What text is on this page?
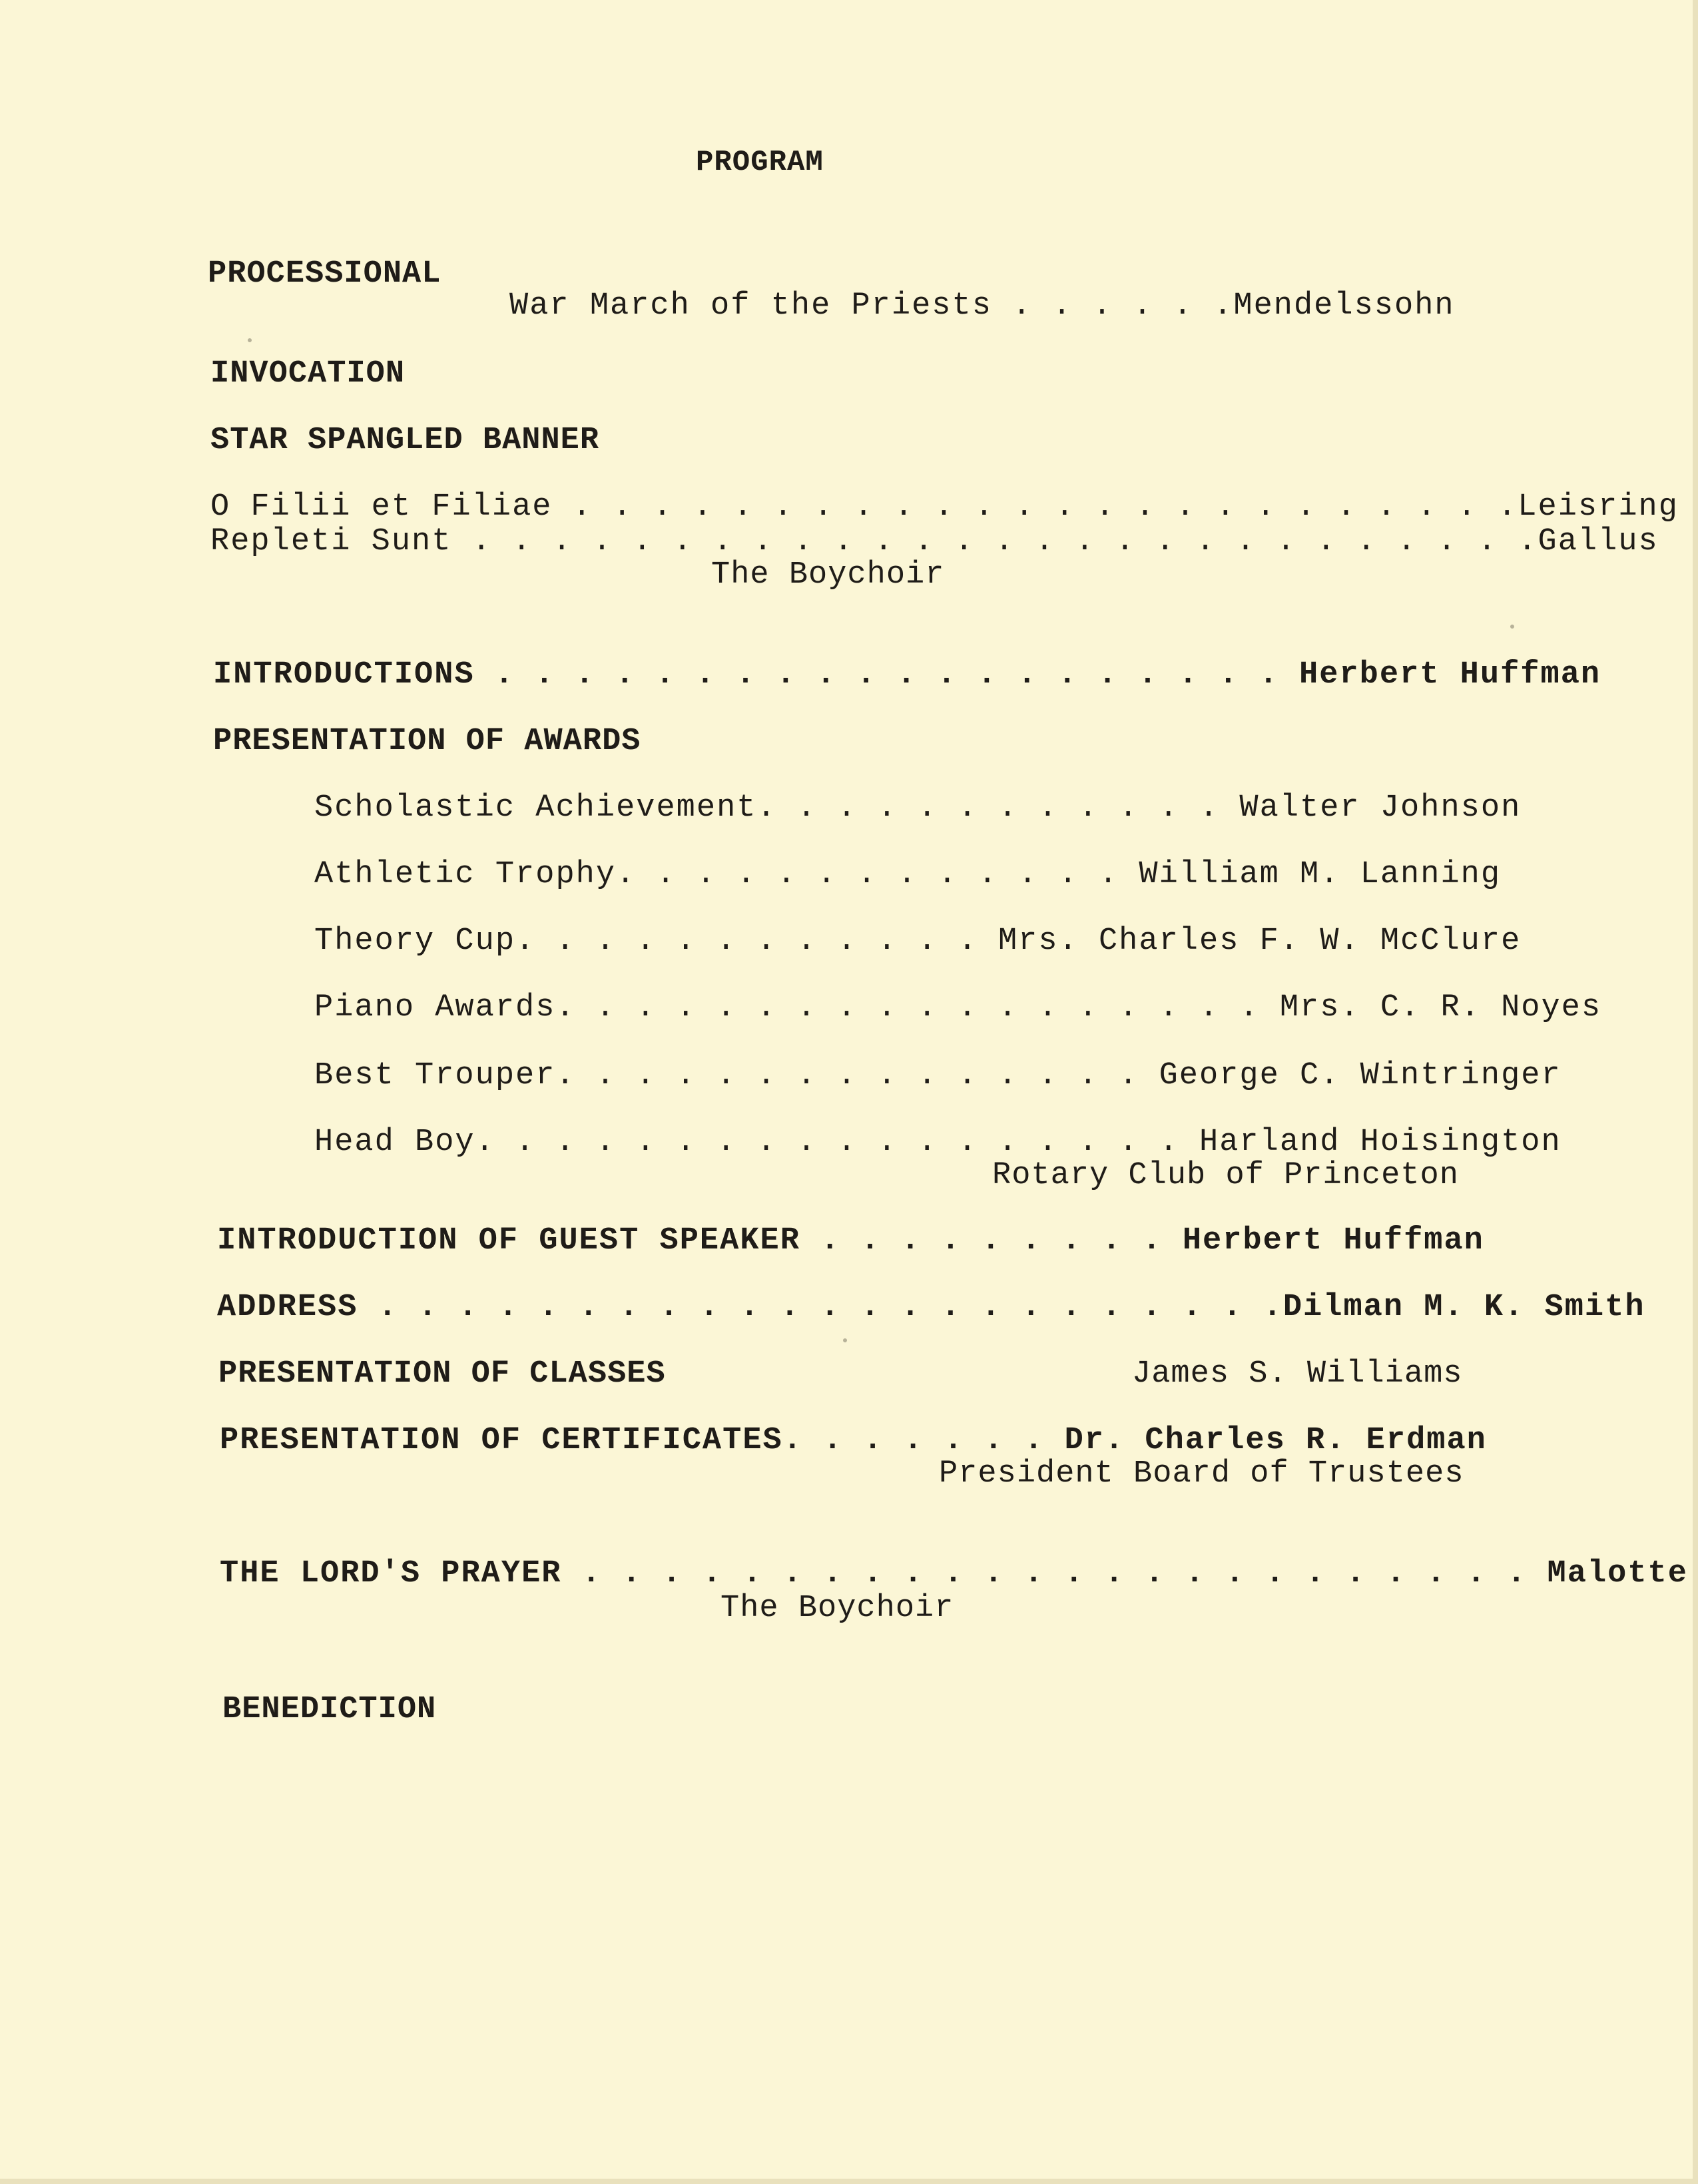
PROGRAM
PROCESSIONAL
War March of the Priests . . . . . .Mendelssohn
INVOCATION
STAR SPANGLED BANNER
O Filii et Filiae . . . . . . . . . . . . . . . . . . . . . . . .Leisring
Repleti Sunt . . . . . . . . . . . . . . . . . . . . . . . . . . .Gallus
The Boychoir
INTRODUCTIONS . . . . . . . . . . . . . . . . . . . . Herbert Huffman
PRESENTATION OF AWARDS
Scholastic Achievement. . . . . . . . . . . . Walter Johnson
Athletic Trophy. . . . . . . . . . . . . William M. Lanning
Theory Cup. . . . . . . . . . . . Mrs. Charles F. W. McClure
Piano Awards. . . . . . . . . . . . . . . . . . Mrs. C. R. Noyes
Best Trouper. . . . . . . . . . . . . . . George C. Wintringer
Head Boy. . . . . . . . . . . . . . . . . . Harland Hoisington
Rotary Club of Princeton
INTRODUCTION OF GUEST SPEAKER . . . . . . . . . Herbert Huffman
ADDRESS . . . . . . . . . . . . . . . . . . . . . . .Dilman M. K. Smith
PRESENTATION OF CLASSES	James S. Williams
PRESENTATION OF CERTIFICATES. . . . . . . Dr. Charles R. Erdman
President Board of Trustees
THE LORD'S PRAYER . . . . . . . . . . . . . . . . . . . . . . . . Malotte
The Boychoir
BENEDICTION
